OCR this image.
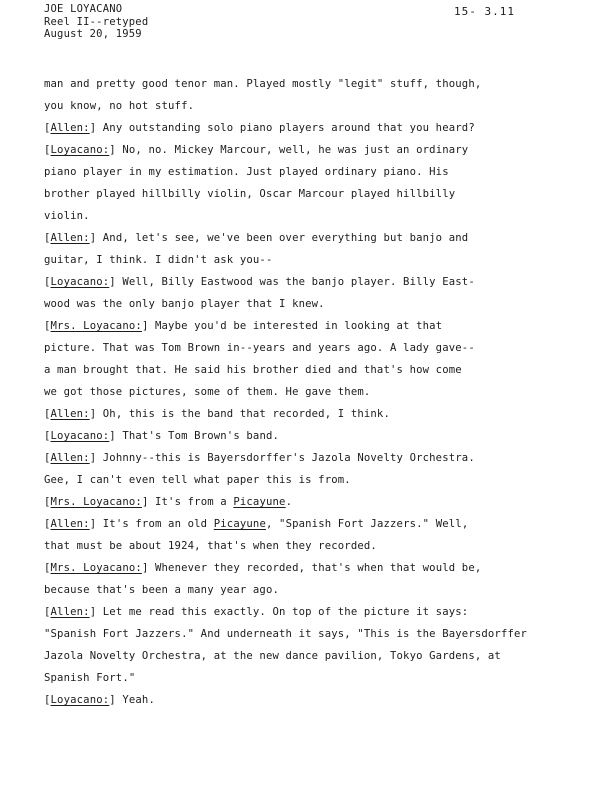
JOE LOYACANO
Reel II--retyped
August 20, 1959
15- 3.11
man and pretty good tenor man. Played mostly "legit" stuff, though,
you know, no hot stuff.
[Allen:] Any outstanding solo piano players around that you heard?
[Loyacano:] No, no. Mickey Marcour, well, he was just an ordinary
piano player in my estimation. Just played ordinary piano. His
brother played hillbilly violin, Oscar Marcour played hillbilly
violin.
[Allen:] And, let's see, we've been over everything but banjo and
guitar, I think. I didn't ask you--
[Loyacano:] Well, Billy Eastwood was the banjo player. Billy East-
wood was the only banjo player that I knew.
[Mrs. Loyacano:] Maybe you'd be interested in looking at that
picture. That was Tom Brown in--years and years ago. A lady gave--
a man brought that. He said his brother died and that's how come
we got those pictures, some of them. He gave them.
[Allen:] Oh, this is the band that recorded, I think.
[Loyacano:] That's Tom Brown's band.
[Allen:] Johnny--this is Bayersdorffer's Jazola Novelty Orchestra.
Gee, I can't even tell what paper this is from.
[Mrs. Loyacano:] It's from a Picayune.
[Allen:] It's from an old Picayune, "Spanish Fort Jazzers." Well,
that must be about 1924, that's when they recorded.
[Mrs. Loyacano:] Whenever they recorded, that's when that would be,
because that's been a many year ago.
[Allen:] Let me read this exactly. On top of the picture it says:
"Spanish Fort Jazzers." And underneath it says, "This is the Bayersdorffer
Jazola Novelty Orchestra, at the new dance pavilion, Tokyo Gardens, at
Spanish Fort."
[Loyacano:] Yeah.
